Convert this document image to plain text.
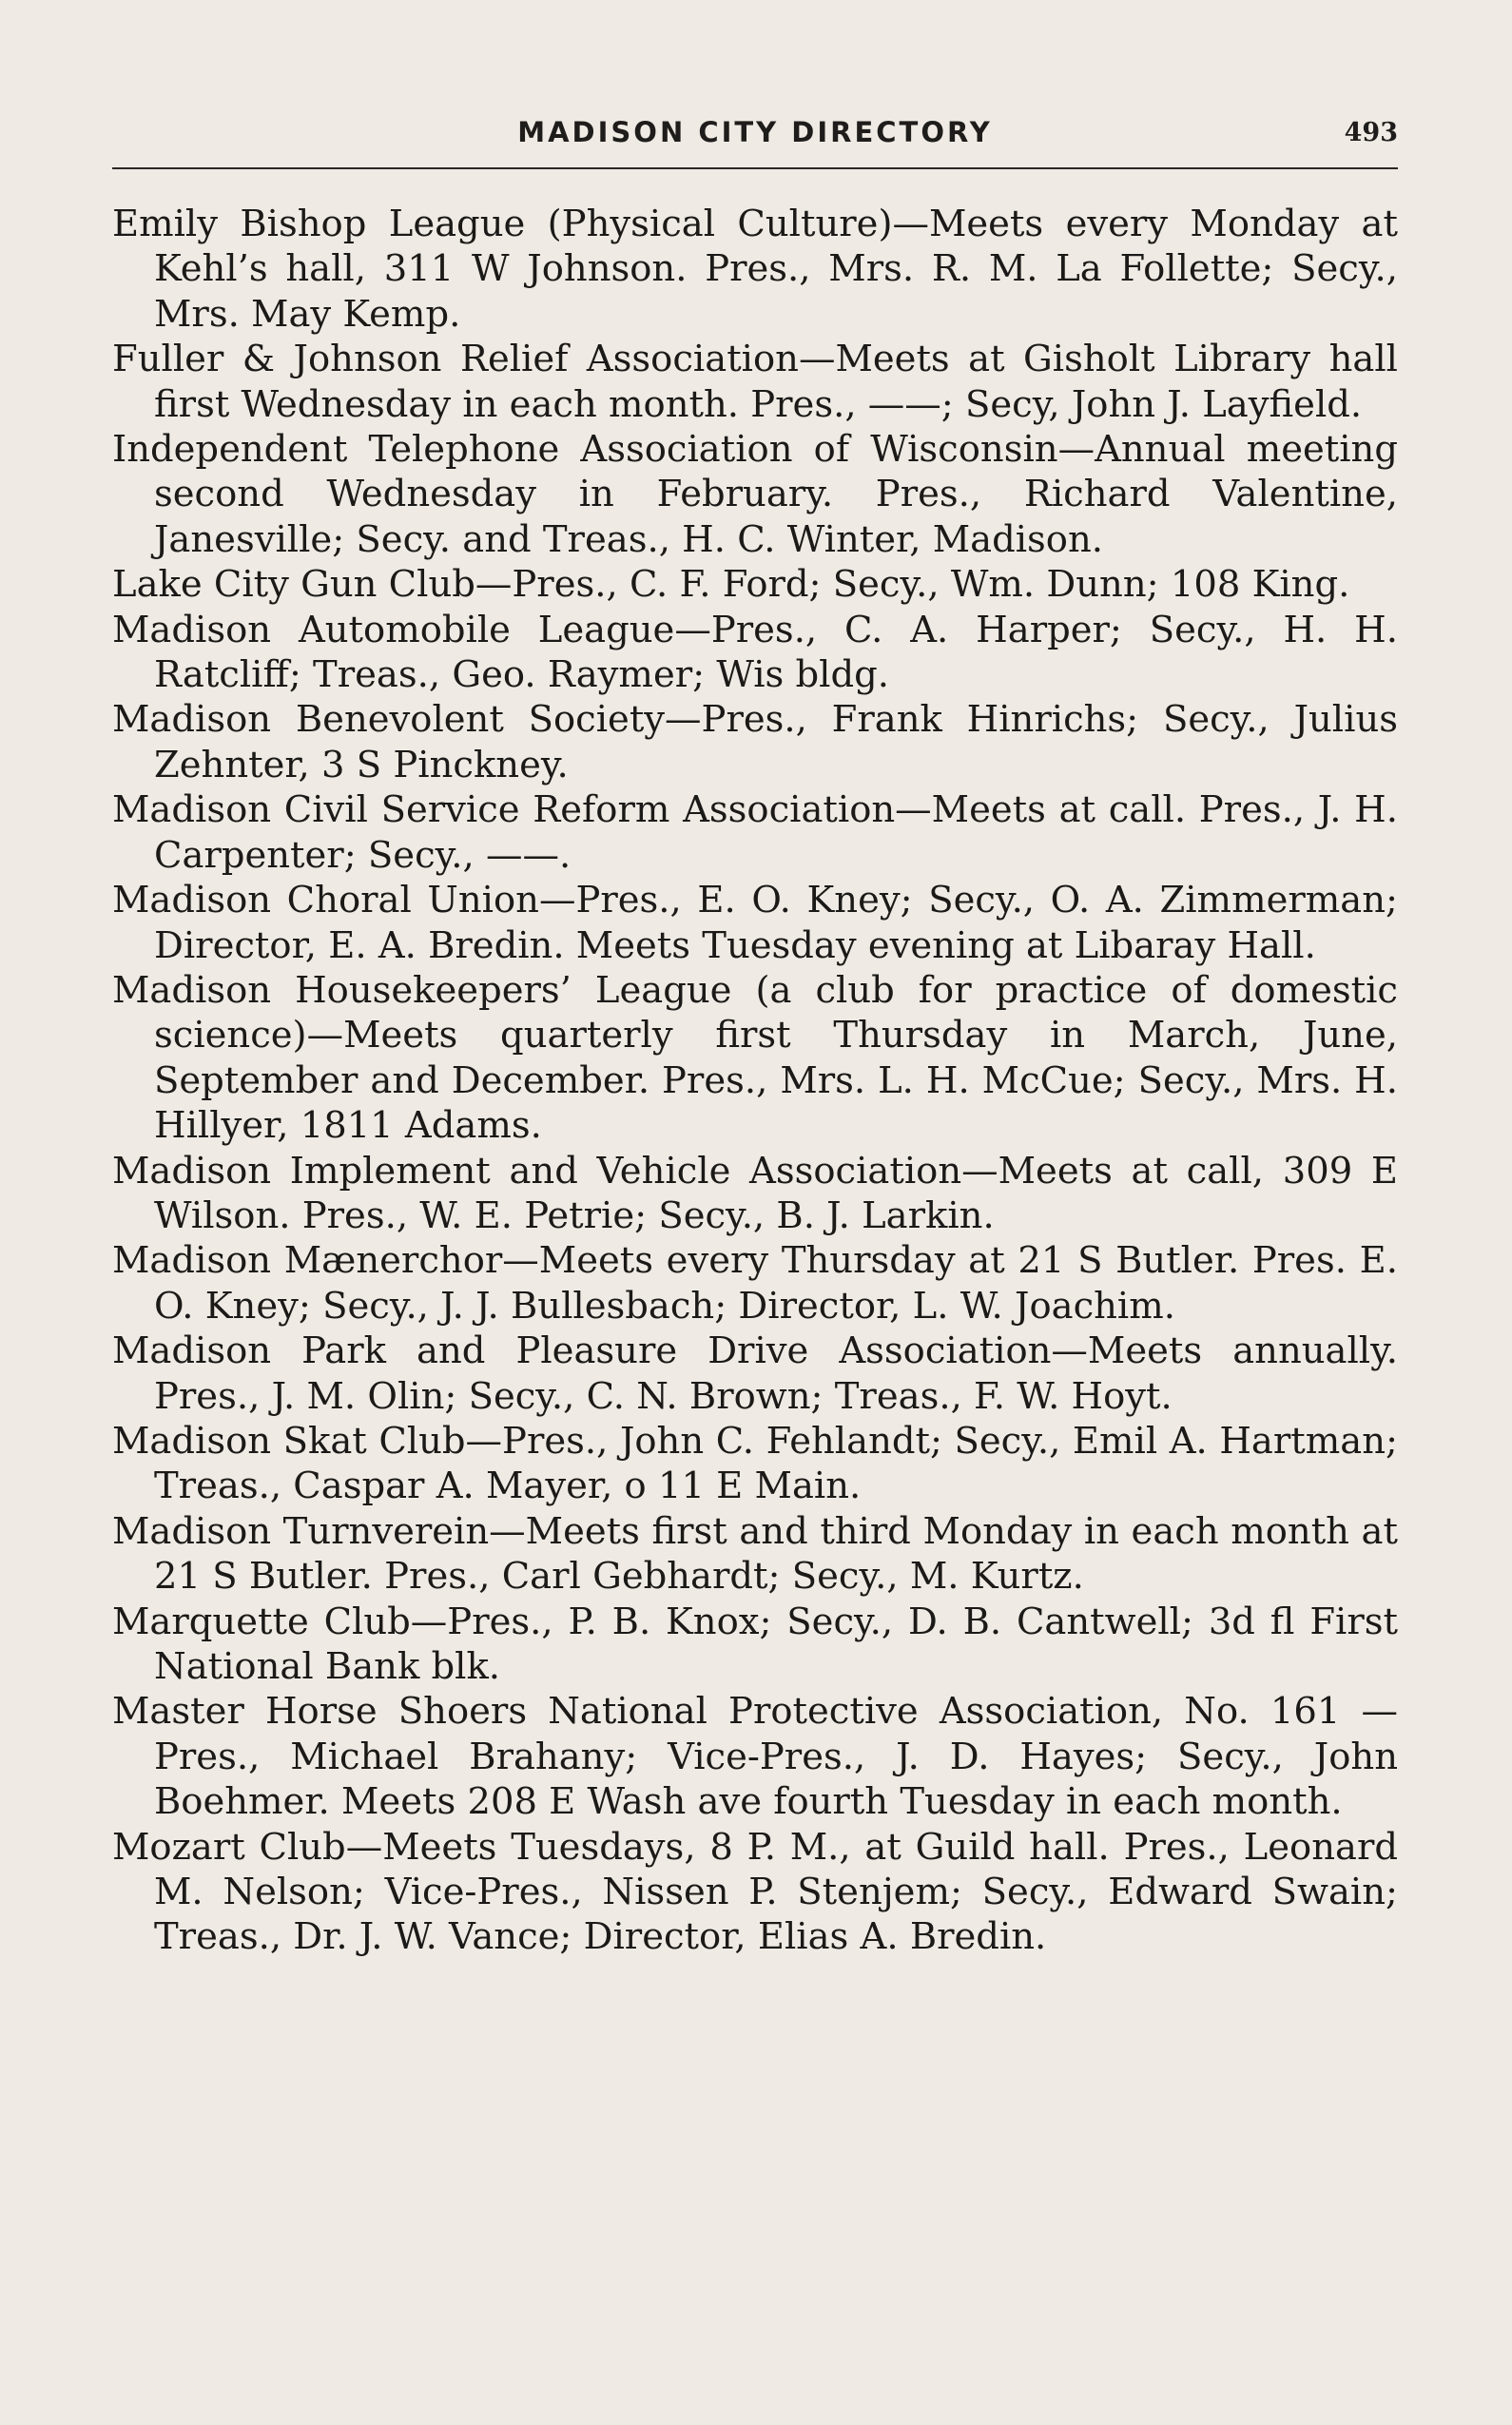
MADISON CITY DIRECTORY	493

Emily Bishop League (Physical Culture)—Meets every Monday at Kehl’s hall, 311 W Johnson. Pres., Mrs. R. M. La Follette; Secy., Mrs. May Kemp.

Fuller & Johnson Relief Association—Meets at Gisholt Library hall first Wednesday in each month. Pres., ——; Secy, John J. Layfield.

Independent Telephone Association of Wisconsin—Annual meeting second Wednesday in February. Pres., Richard Valentine, Janesville; Secy. and Treas., H. C. Winter, Madison.

Lake City Gun Club—Pres., C. F. Ford; Secy., Wm. Dunn; 108 King.

Madison Automobile League—Pres., C. A. Harper; Secy., H. H. Ratcliff; Treas., Geo. Raymer; Wis bldg.

Madison Benevolent Society—Pres., Frank Hinrichs; Secy., Julius Zehnter, 3 S Pinckney.

Madison Civil Service Reform Association—Meets at call. Pres., J. H. Carpenter; Secy., ——.

Madison Choral Union—Pres., E. O. Kney; Secy., O. A. Zimmerman; Director, E. A. Bredin. Meets Tuesday evening at Libaray Hall.

Madison Housekeepers’ League (a club for practice of domestic science)—Meets quarterly first Thursday in March, June, September and December. Pres., Mrs. L. H. McCue; Secy., Mrs. H. Hillyer, 1811 Adams.

Madison Implement and Vehicle Association—Meets at call, 309 E Wilson. Pres., W. E. Petrie; Secy., B. J. Larkin.

Madison Mænerchor—Meets every Thursday at 21 S Butler. Pres. E. O. Kney; Secy., J. J. Bullesbach; Director, L. W. Joachim.

Madison Park and Pleasure Drive Association—Meets annually. Pres., J. M. Olin; Secy., C. N. Brown; Treas., F. W. Hoyt.

Madison Skat Club—Pres., John C. Fehlandt; Secy., Emil A. Hartman; Treas., Caspar A. Mayer, o 11 E Main.

Madison Turnverein—Meets first and third Monday in each month at 21 S Butler. Pres., Carl Gebhardt; Secy., M. Kurtz.

Marquette Club—Pres., P. B. Knox; Secy., D. B. Cantwell; 3d fl First National Bank blk.

Master Horse Shoers National Protective Association, No. 161 —Pres., Michael Brahany; Vice-Pres., J. D. Hayes; Secy., John Boehmer. Meets 208 E Wash ave fourth Tuesday in each month.

Mozart Club—Meets Tuesdays, 8 P. M., at Guild hall. Pres., Leonard M. Nelson; Vice-Pres., Nissen P. Stenjem; Secy., Edward Swain; Treas., Dr. J. W. Vance; Director, Elias A. Bredin.
